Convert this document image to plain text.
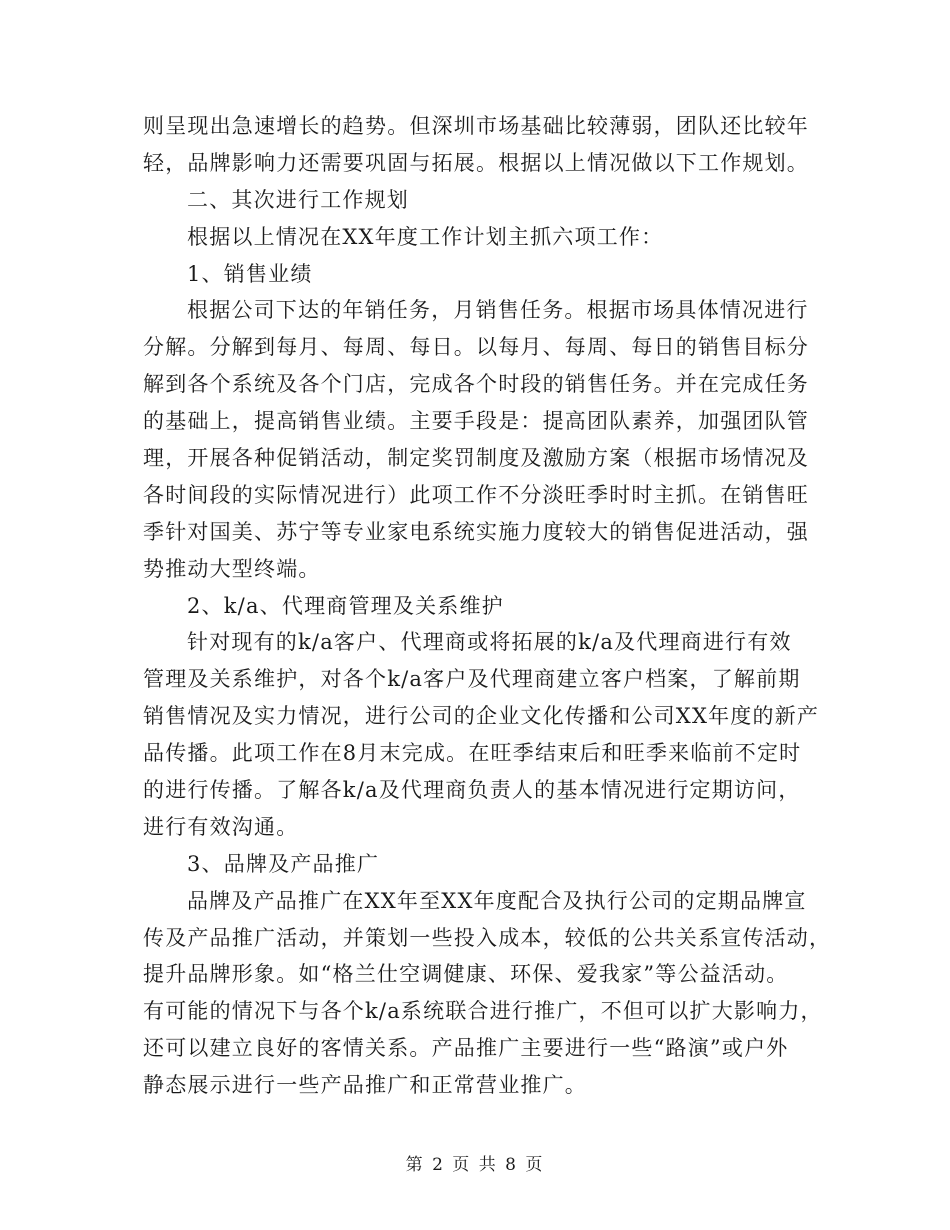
则呈现出急速增长的趋势。但深圳市场基础比较薄弱，团队还比较年
轻，品牌影响力还需要巩固与拓展。根据以上情况做以下工作规划。
二、其次进行工作规划
根据以上情况在XX年度工作计划主抓六项工作：
1、销售业绩
根据公司下达的年销任务，月销售任务。根据市场具体情况进行
分解。分解到每月、每周、每日。以每月、每周、每日的销售目标分
解到各个系统及各个门店，完成各个时段的销售任务。并在完成任务
的基础上，提高销售业绩。主要手段是：提高团队素养，加强团队管
理，开展各种促销活动，制定奖罚制度及激励方案（根据市场情况及
各时间段的实际情况进行）此项工作不分淡旺季时时主抓。在销售旺
季针对国美、苏宁等专业家电系统实施力度较大的销售促进活动，强
势推动大型终端。
2、k/a、代理商管理及关系维护
针对现有的k/a客户、代理商或将拓展的k/a及代理商进行有效
管理及关系维护，对各个k/a客户及代理商建立客户档案，了解前期
销售情况及实力情况，进行公司的企业文化传播和公司XX年度的新产
品传播。此项工作在8月末完成。在旺季结束后和旺季来临前不定时
的进行传播。了解各k/a及代理商负责人的基本情况进行定期访问，
进行有效沟通。
3、品牌及产品推广
品牌及产品推广在XX年至XX年度配合及执行公司的定期品牌宣
传及产品推广活动，并策划一些投入成本，较低的公共关系宣传活动，
提升品牌形象。如“格兰仕空调健康、环保、爱我家”等公益活动。
有可能的情况下与各个k/a系统联合进行推广，不但可以扩大影响力，
还可以建立良好的客情关系。产品推广主要进行一些“路演”或户外
静态展示进行一些产品推广和正常营业推广。
第 2 页 共 8 页
